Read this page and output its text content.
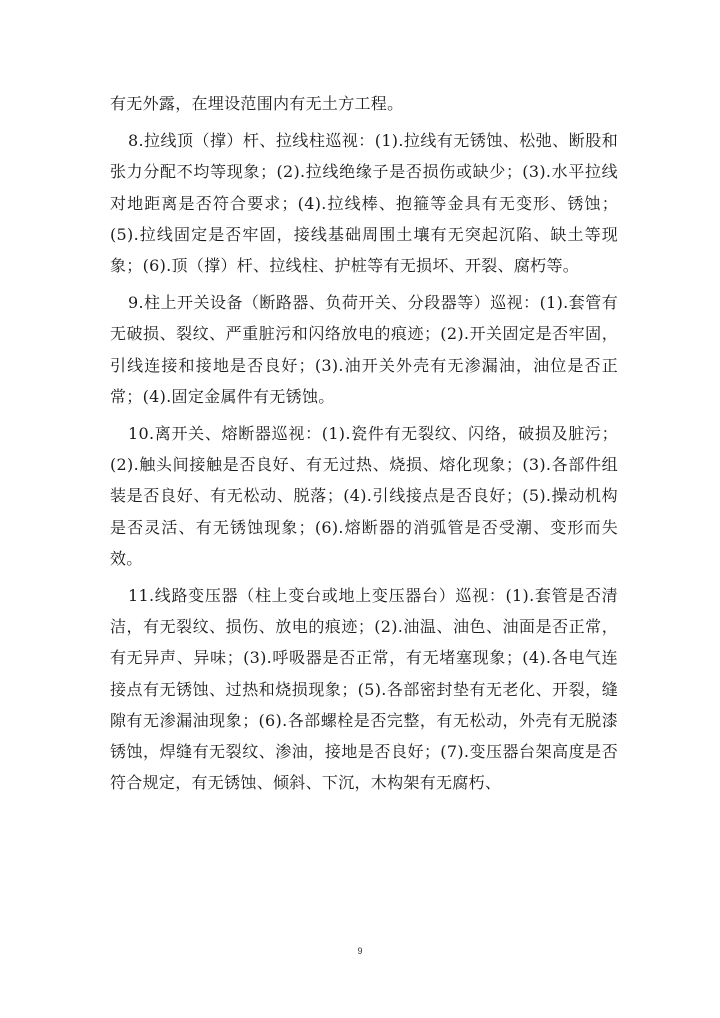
有无外露，在埋设范围内有无土方工程。

8.拉线顶（撑）杆、拉线柱巡视：(1).拉线有无锈蚀、松弛、断股和张力分配不均等现象；(2).拉线绝缘子是否损伤或缺少；(3).水平拉线对地距离是否符合要求；(4).拉线棒、抱箍等金具有无变形、锈蚀；(5).拉线固定是否牢固，接线基础周围土壤有无突起沉陷、缺土等现象；(6).顶（撑）杆、拉线柱、护桩等有无损坏、开裂、腐朽等。

9.柱上开关设备（断路器、负荷开关、分段器等）巡视：(1).套管有无破损、裂纹、严重脏污和闪络放电的痕迹；(2).开关固定是否牢固，引线连接和接地是否良好；(3).油开关外壳有无渗漏油，油位是否正常；(4).固定金属件有无锈蚀。

10.离开关、熔断器巡视：(1).瓷件有无裂纹、闪络，破损及脏污；(2).触头间接触是否良好、有无过热、烧损、熔化现象；(3).各部件组装是否良好、有无松动、脱落；(4).引线接点是否良好；(5).操动机构是否灵活、有无锈蚀现象；(6).熔断器的消弧管是否受潮、变形而失效。

11.线路变压器（柱上变台或地上变压器台）巡视：(1).套管是否清洁，有无裂纹、损伤、放电的痕迹；(2).油温、油色、油面是否正常，有无异声、异味；(3).呼吸器是否正常，有无堵塞现象；(4).各电气连接点有无锈蚀、过热和烧损现象；(5).各部密封垫有无老化、开裂，缝隙有无渗漏油现象；(6).各部螺栓是否完整，有无松动，外壳有无脱漆锈蚀，焊缝有无裂纹、渗油，接地是否良好；(7).变压器台架高度是否符合规定，有无锈蚀、倾斜、下沉，木构架有无腐朽、

9
